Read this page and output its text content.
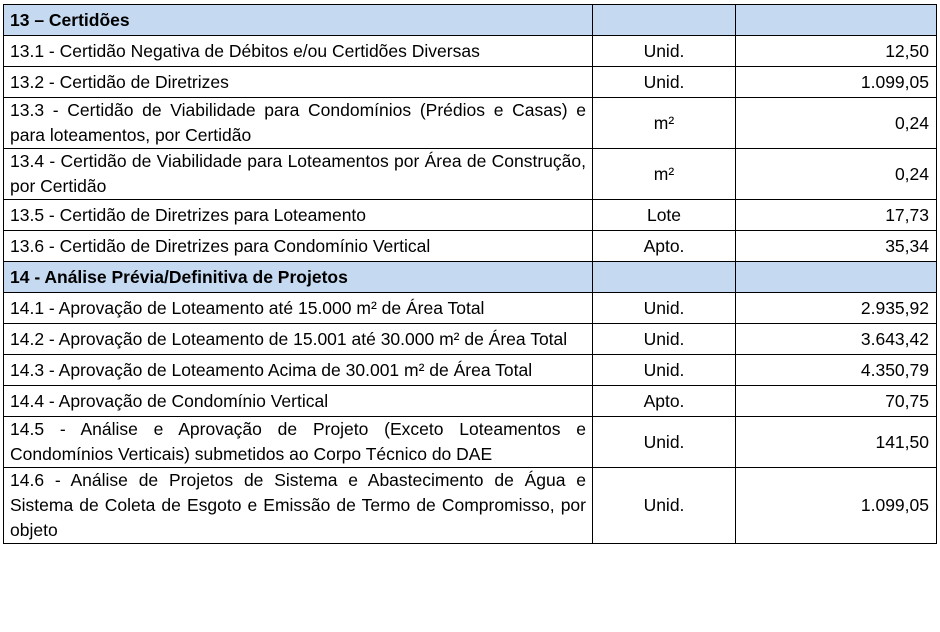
13 – Certidões		
13.1 - Certidão Negativa de Débitos e/ou Certidões Diversas	Unid.	12,50
13.2 - Certidão de Diretrizes	Unid.	1.099,05
13.3 - Certidão de Viabilidade para Condomínios (Prédios e Casas) e para loteamentos, por Certidão	m²	0,24
13.4 - Certidão de Viabilidade para Loteamentos por Área de Construção, por Certidão	m²	0,24
13.5 - Certidão de Diretrizes para Loteamento	Lote	17,73
13.6 - Certidão de Diretrizes para Condomínio Vertical	Apto.	35,34
14 - Análise Prévia/Definitiva de Projetos		
14.1 - Aprovação de Loteamento até 15.000 m² de Área Total	Unid.	2.935,92
14.2 - Aprovação de Loteamento de 15.001 até 30.000 m² de Área Total	Unid.	3.643,42
14.3 - Aprovação de Loteamento Acima de 30.001 m² de Área Total	Unid.	4.350,79
14.4 - Aprovação de Condomínio Vertical	Apto.	70,75
14.5 - Análise e Aprovação de Projeto (Exceto Loteamentos e Condomínios Verticais) submetidos ao Corpo Técnico do DAE	Unid.	141,50
14.6 - Análise de Projetos de Sistema e Abastecimento de Água e Sistema de Coleta de Esgoto e Emissão de Termo de Compromisso, por objeto	Unid.	1.099,05
